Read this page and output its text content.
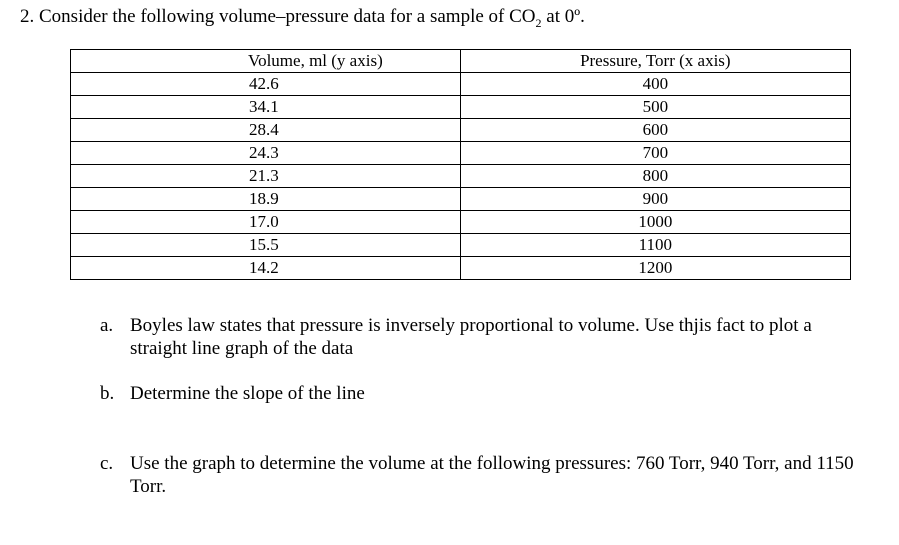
2. Consider the following volume–pressure data for a sample of $CO_2$ at 0º.
Volume, ml (y axis)	Pressure, Torr (x axis)
42.6	400
34.1	500
28.4	600
24.3	700
21.3	800
18.9	900
17.0	1000
15.5	1100
14.2	1200
a. Boyles law states that pressure is inversely proportional to volume. Use thjis fact to plot a straight line graph of the data
b. Determine the slope of the line
c. Use the graph to determine the volume at the following pressures: 760 Torr, 940 Torr, and 1150 Torr.
